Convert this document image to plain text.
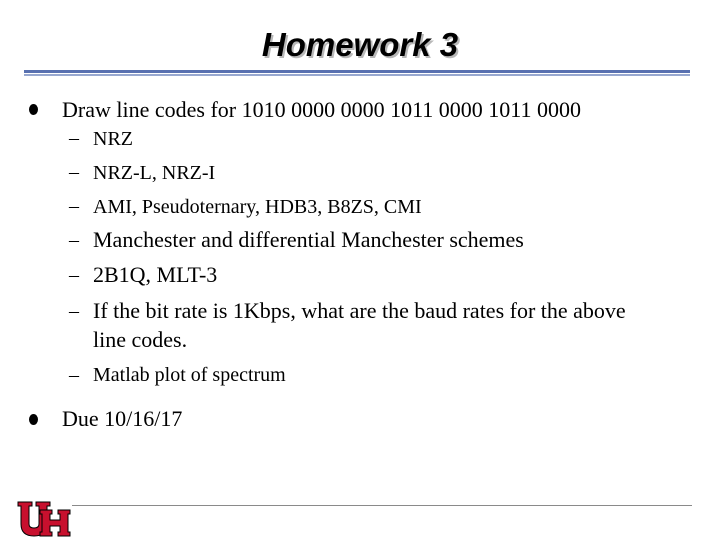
Homework 3
Draw line codes for 1010 0000 0000 1011 0000 1011 0000
– NRZ
– NRZ-L, NRZ-I
– AMI, Pseudoternary, HDB3, B8ZS, CMI
– Manchester and differential Manchester schemes
– 2B1Q, MLT-3
– If the bit rate is 1Kbps, what are the baud rates for the above
line codes.
– Matlab plot of spectrum
Due 10/16/17
